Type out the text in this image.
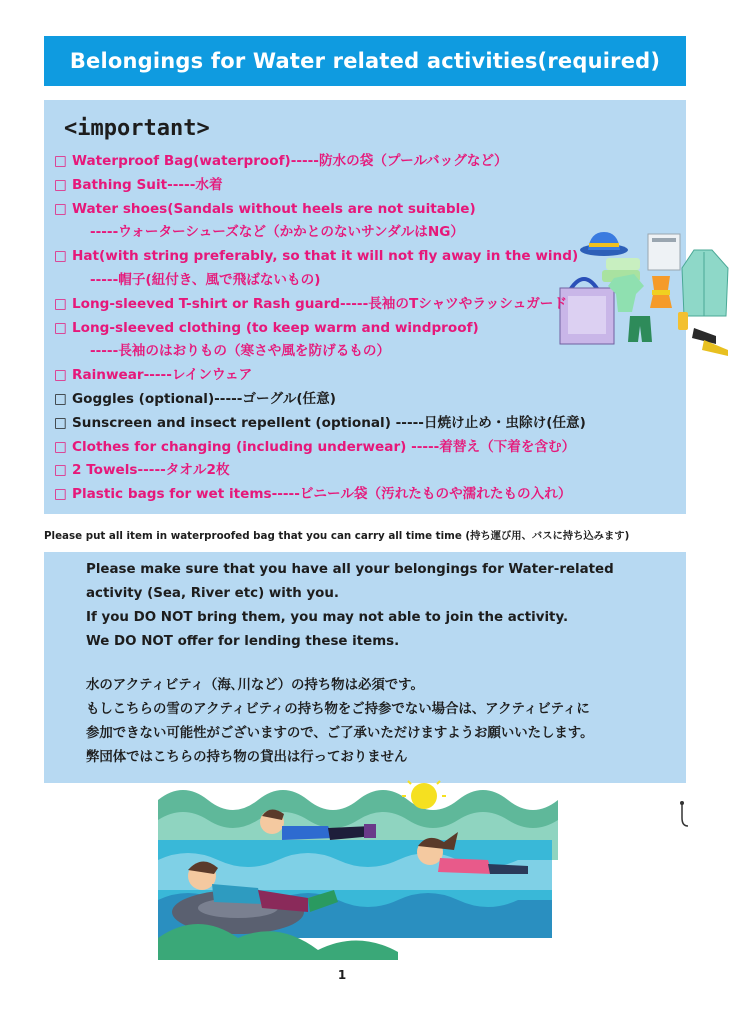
Belongings for Water related activities(required)
<important>
□ Waterproof Bag(waterproof)-----防水の袋（プールバッグなど）
□ Bathing Suit-----水着
□ Water shoes(Sandals without heels are not suitable)
-----ウォーターシューズなど（かかとのないサンダルはNG）
□ Hat(with string preferably, so that it will not fly away in the wind)
-----帽子(紐付き、風で飛ばないもの)
□ Long-sleeved T-shirt or Rash guard-----長袖のTシャツやラッシュガード
□ Long-sleeved clothing (to keep warm and windproof)
-----長袖のはおりもの（寒さや風を防げるもの）
□ Rainwear-----レインウェア
□ Goggles (optional)-----ゴーグル(任意)
□ Sunscreen and insect repellent (optional) -----日焼け止め・虫除け(任意)
□ Clothes for changing (including underwear) -----着替え（下着を含む）
□ 2 Towels-----タオル2枚
□ Plastic bags for wet items-----ビニール袋（汚れたものや濡れたもの入れ）
Please put all item in waterproofed bag that you can carry all time time (持ち運び用、バスに持ち込みます)
Please make sure that you have all your belongings for Water-related
activity (Sea, River etc) with you.
If you DO NOT bring them, you may not able to join the activity.
We DO NOT offer for lending these items.
水のアクティビティ（海､川など）の持ち物は必須です。
もしこちらの雪のアクティビティの持ち物をご持参でない場合は、アクティビティに
参加できない可能性がございますので、ご了承いただけますようお願いいたします。
弊団体ではこちらの持ち物の貸出は行っておりません
1
